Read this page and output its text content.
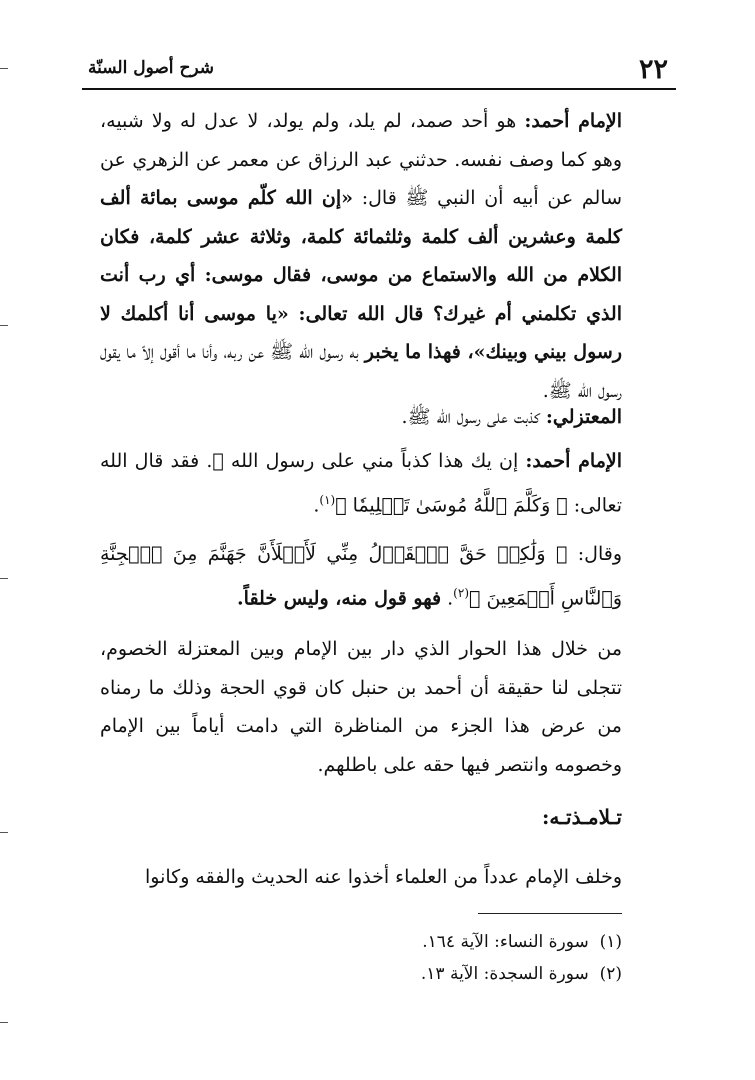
٢٢
شرح أصول السنّة

الإمام أحمد: هو أحد صمد، لم يلد، ولم يولد، لا عدل له ولا شبيه، وهو كما وصف نفسه. حدثني عبد الرزاق عن معمر عن الزهري عن سالم عن أبيه أن النبي ﷺ قال: «إن الله كلّم موسى بمائة ألف كلمة وعشرين ألف كلمة وثلثمائة كلمة، وثلاثة عشر كلمة، فكان الكلام من الله والاستماع من موسى، فقال موسى: أي رب أنت الذي تكلمني أم غيرك؟ قال الله تعالى: «يا موسى أنا أكلمك لا رسول بيني وبينك»، فهذا ما يخبر به رسول الله ﷺ عن ربه، وأنا ما أقول إلاّ ما يقول رسول الله ﷺ.

المعتزلي: كذبت على رسول الله ﷺ.

الإمام أحمد: إن يك هذا كذباً مني على رسول الله ﷺ. فقد قال الله تعالى: ﴿ وَكَلَّمَ ٱللَّهُ مُوسَىٰ تَكۡلِيمٗا ﴾$^{(١)}$.

وقال: ﴿ وَلَٰكِنۡ حَقَّ ٱلۡقَوۡلُ مِنِّي لَأَمۡلَأَنَّ جَهَنَّمَ مِنَ ٱلۡجِنَّةِ وَٱلنَّاسِ أَجۡمَعِينَ ﴾$^{(٢)}$. فهو قول منه، وليس خلقاً.

من خلال هذا الحوار الذي دار بين الإمام وبين المعتزلة الخصوم، تتجلى لنا حقيقة أن أحمد بن حنبل كان قوي الحجة وذلك ما رمناه من عرض هذا الجزء من المناظرة التي دامت أياماً بين الإمام وخصومه وانتصر فيها حقه على باطلهم.

تـلامـذتـه:

وخلف الإمام عدداً من العلماء أخذوا عنه الحديث والفقه وكانوا

(١)  سورة النساء: الآية ١٦٤.
(٢)  سورة السجدة: الآية ١٣.
